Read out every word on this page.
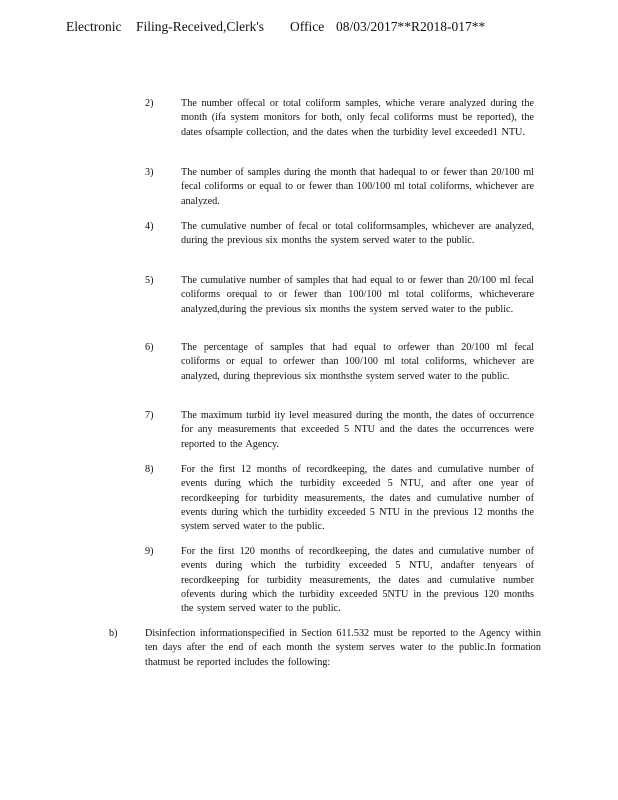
Electronic Filing-Received,Clerk's Office 08/03/2017**R2018-017**
2)	The number offecal or total coliform samples, whiche verare analyzed during the month (ifa system monitors for both, only fecal coliforms must be reported), the dates ofsample collection, and the dates when the turbidity level exceeded1 NTU.
3)	The number of samples during the month that hadequal to or fewer than 20/100 ml fecal coliforms or equal to or fewer than 100/100 ml total coliforms, whichever are analyzed.
4)	The cumulative number of fecal or total coliformsamples, whichever are analyzed, during the previous six months the system served water to the public.
5)	The cumulative number of samples that had equal to or fewer than 20/100 ml fecal coliforms orequal to or fewer than 100/100 ml total coliforms, whicheverare analyzed,during the previous six months the system served water to the public.
6)	The percentage of samples that had equal to orfewer than 20/100 ml fecal coliforms or equal to orfewer than 100/100 ml total coliforms, whichever are analyzed, during theprevious six monthsthe system served water to the public.
7)	The maximum turbid ity level measured during the month, the dates of occurrence for any measurements that exceeded 5 NTU and the dates the occurrences were reported to the Agency.
8)	For the first 12 months of recordkeeping, the dates and cumulative number of events during which the turbidity exceeded 5 NTU, and after one year of recordkeeping for turbidity measurements, the dates and cumulative number of events during which the turbidity exceeded 5 NTU in the previous 12 months the system served water to the public.
9)	For the first 120 months of recordkeeping, the dates and cumulative number of events during which the turbidity exceeded 5 NTU, andafter tenyears of recordkeeping for turbidity measurements, the dates and cumulative number ofevents during which the turbidity exceeded 5NTU in the previous 120 months the system served water to the public.
b)	Disinfection informationspecified in Section 611.532 must be reported to the Agency within ten days after the end of each month the system serves water to the public.In formation thatmust be reported includes the following:
